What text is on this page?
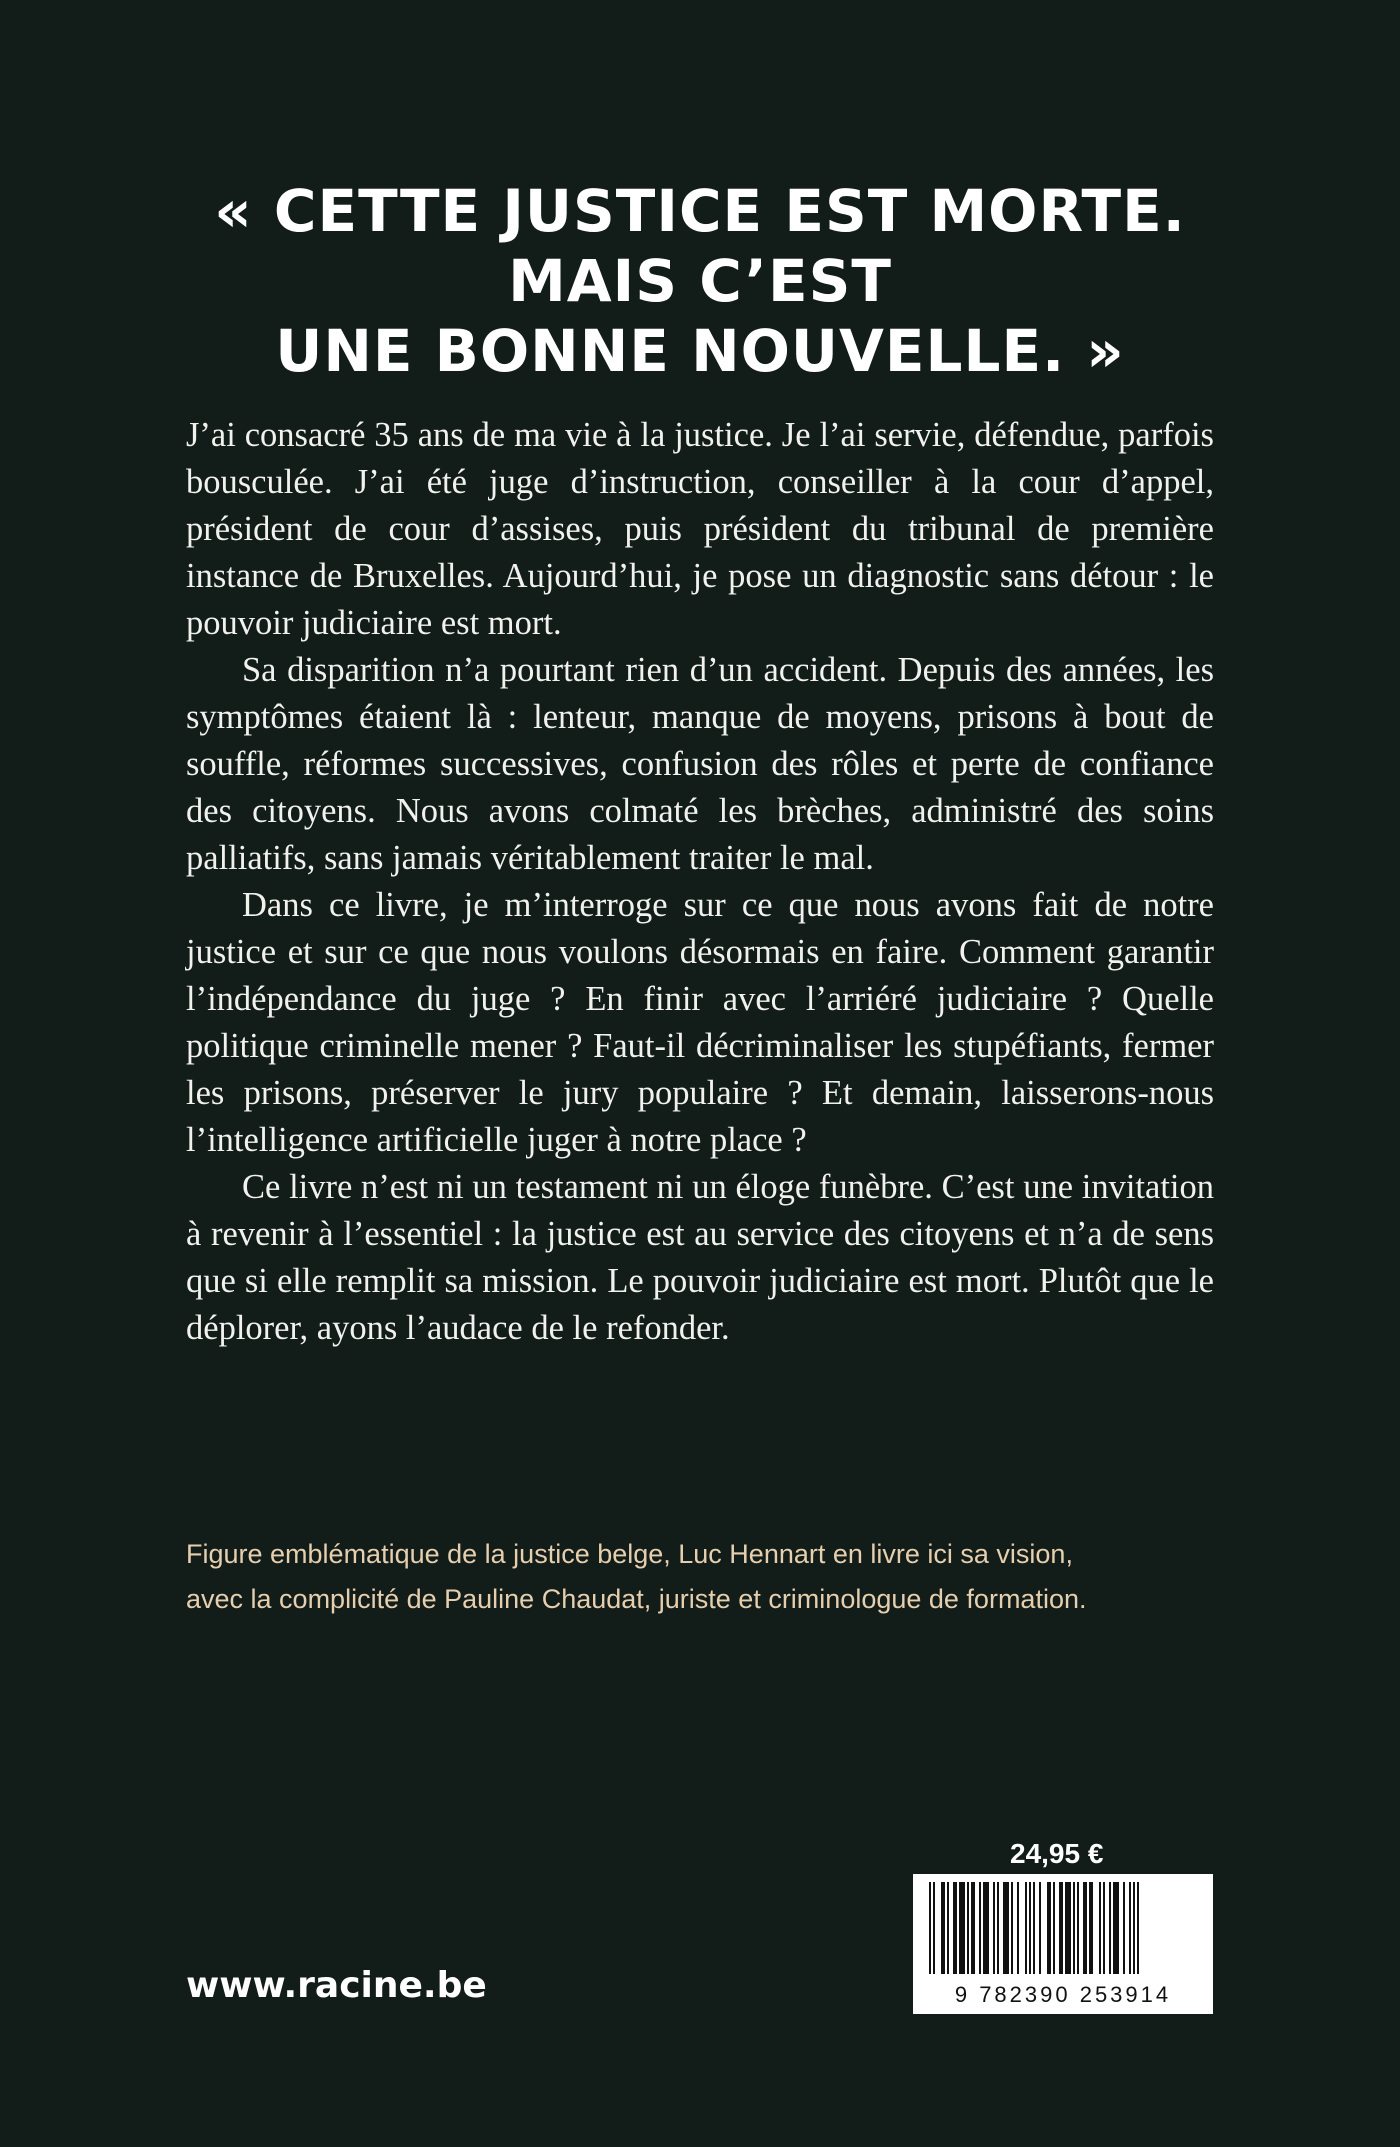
« CETTE JUSTICE EST MORTE.
MAIS C’EST
UNE BONNE NOUVELLE. »

J’ai consacré 35 ans de ma vie à la justice. Je l’ai servie, défendue, parfois bousculée. J’ai été juge d’instruction, conseiller à la cour d’appel, président de cour d’assises, puis président du tribunal de première instance de Bruxelles. Aujourd’hui, je pose un diagnostic sans détour : le pouvoir judiciaire est mort.

Sa disparition n’a pourtant rien d’un accident. Depuis des années, les symptômes étaient là : lenteur, manque de moyens, prisons à bout de souffle, réformes successives, confusion des rôles et perte de confiance des citoyens. Nous avons colmaté les brèches, administré des soins palliatifs, sans jamais véritablement traiter le mal.

Dans ce livre, je m’interroge sur ce que nous avons fait de notre justice et sur ce que nous voulons désormais en faire. Comment garantir l’indépendance du juge ? En finir avec l’arriéré judiciaire ? Quelle politique criminelle mener ? Faut-il décriminaliser les stupéfiants, fermer les prisons, préserver le jury populaire ? Et demain, laisserons-nous l’intelligence artificielle juger à notre place ?

Ce livre n’est ni un testament ni un éloge funèbre. C’est une invitation à revenir à l’essentiel : la justice est au service des citoyens et n’a de sens que si elle remplit sa mission. Le pouvoir judiciaire est mort. Plutôt que le déplorer, ayons l’audace de le refonder.

Figure emblématique de la justice belge, Luc Hennart en livre ici sa vision,
avec la complicité de Pauline Chaudat, juriste et criminologue de formation.
www.racine.be
24,95 €
9 782390 253914
